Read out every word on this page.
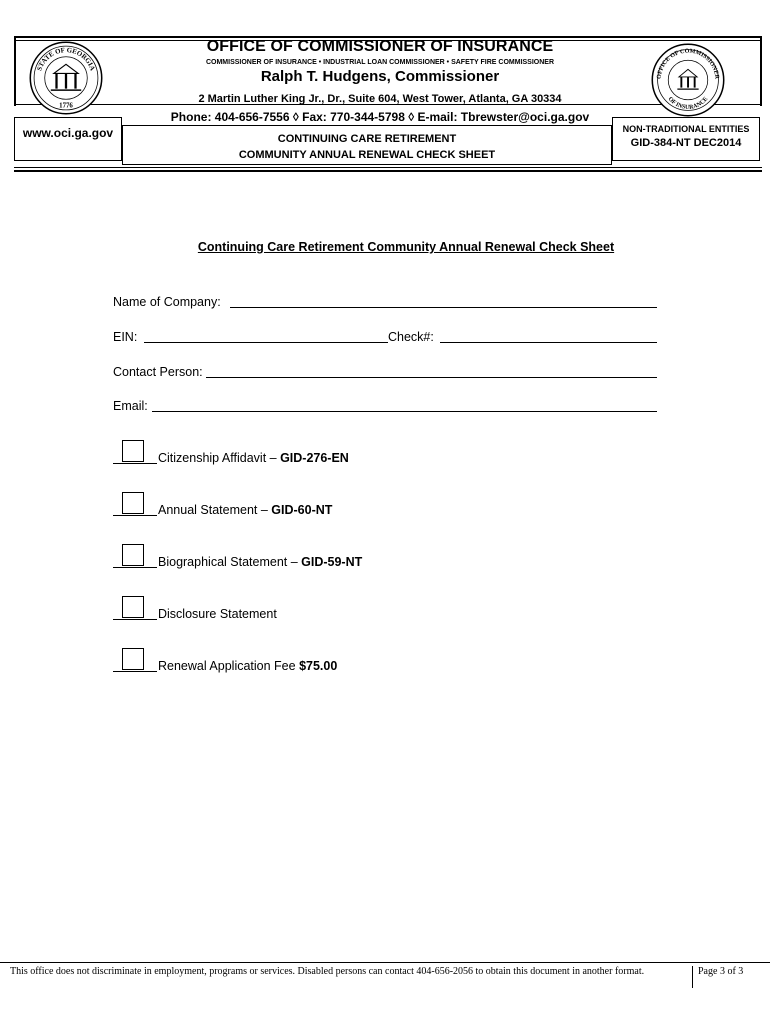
STATE OF GEORGIA
1776
OFFICE OF COMMISSIONER
OF INSURANCE
OFFICE OF COMMISSIONER OF INSURANCE
COMMISSIONER OF INSURANCE • INDUSTRIAL LOAN COMMISSIONER • SAFETY FIRE COMMISSIONER
Ralph T. Hudgens, Commissioner
2 Martin Luther King Jr., Dr., Suite 604, West Tower, Atlanta, GA 30334
Phone: 404-656-7556 ◊ Fax: 770-344-5798 ◊ E-mail: Tbrewster@oci.ga.gov
www.oci.ga.gov	CONTINUING CARE RETIREMENT
COMMUNITY ANNUAL RENEWAL CHECK SHEET
NON-TRADITIONAL ENTITIES
GID-384-NT DEC2014
Continuing Care Retirement Community Annual Renewal Check Sheet
Name of Company:
EIN:	Check#:
Contact Person:
Email:
Citizenship Affidavit – GID-276-EN
Annual Statement – GID-60-NT
Biographical Statement – GID-59-NT
Disclosure Statement
Renewal Application Fee $75.00
This office does not discriminate in employment, programs or services. Disabled persons can contact 404-656-2056 to obtain this document in another format.	Page 3 of 3
